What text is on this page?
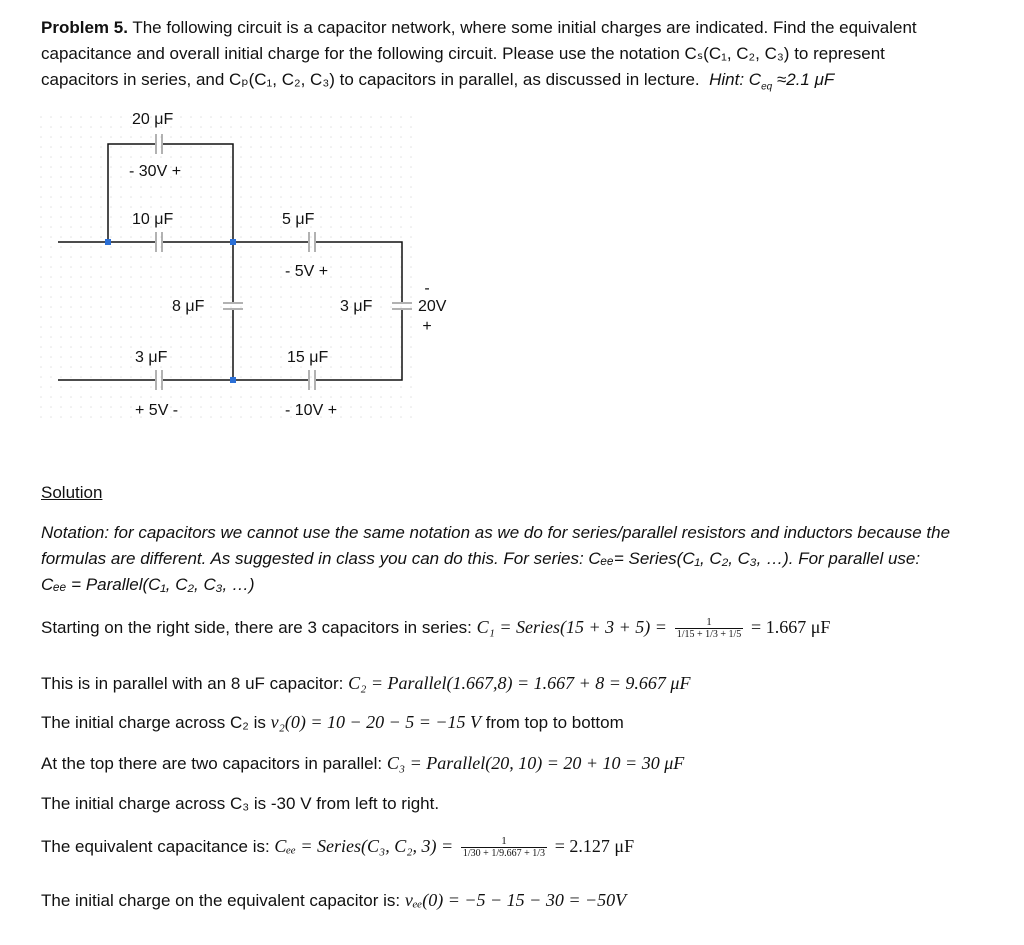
Problem 5. The following circuit is a capacitor network, where some initial charges are indicated. Find the equivalent
capacitance and overall initial charge for the following circuit. Please use the notation Cₛ(C₁, C₂, C₃) to represent
capacitors in series, and Cₚ(C₁, C₂, C₃) to capacitors in parallel, as discussed in lecture. Hint: $C_{eq} \approx 2.1$ μF
20 μF
- 30V +
10 μF	5 μF
- 5V +
8 μF	3 μF
-
20V
+
3 μF	15 μF
+ 5V -	- 10V +
Solution
Notation: for capacitors we cannot use the same notation as we do for series/parallel resistors and inductors because the
formulas are different. As suggested in class you can do this. For series: Cₑₑ= Series(C₁, C₂, C₃, …). For parallel use:
Cₑₑ = Parallel(C₁, C₂, C₃, …)
Starting on the right side, there are 3 capacitors in series: C₁ = Series(15 + $3 + 5) = \frac{1}{1/15 + 1/3 + 1/5} = 1.667$ μF
This is in parallel with an 8 uF capacitor: C₂ = Parallel(1.667,8) = 1.667 + 8 = 9.667 μF
The initial charge across C₂ is v₂(0) = 10 − 20 − 5 = −15 V from top to bottom
At the top there are two capacitors in parallel: C₃ = Parallel(20, 10) = 20 + 10 = 30 μF
The initial charge across C₃ is -30 V from left to right.
The equivalent capacitance is: Cₑₑ = Series(C₃, C₂, $3) = \frac{1}{1/30 + 1/9.667 + 1/3} = 2.127$ μF
The initial charge on the equivalent capacitor is: vₑₑ(0) = −5 − 15 − 30 = −50V
